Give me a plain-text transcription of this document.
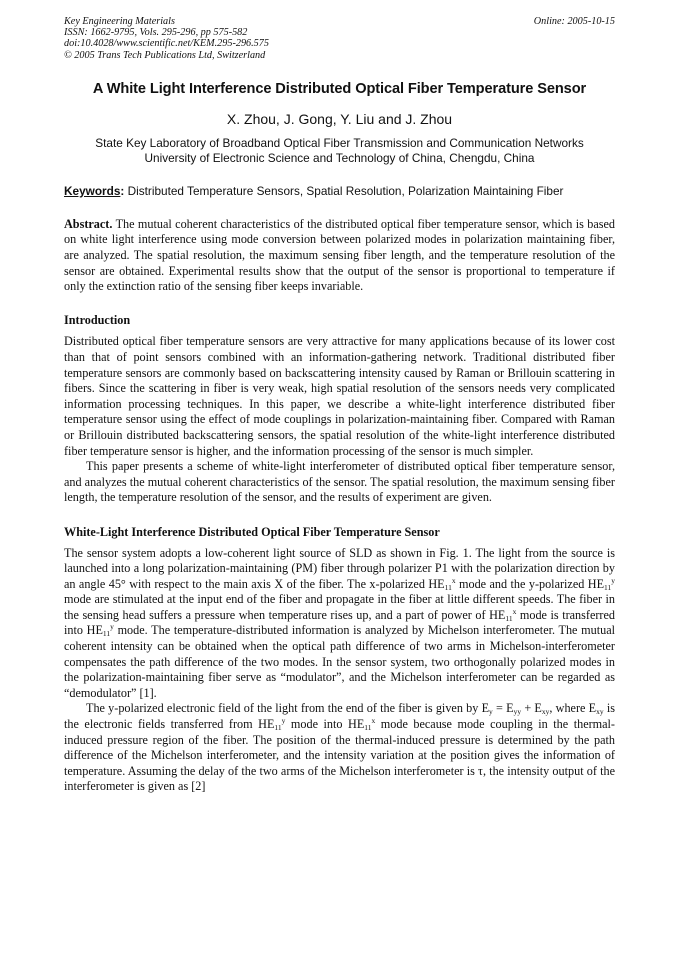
Key Engineering Materials
ISSN: 1662-9795, Vols. 295-296, pp 575-582
doi:10.4028/www.scientific.net/KEM.295-296.575
© 2005 Trans Tech Publications Ltd, Switzerland
Online: 2005-10-15
A White Light Interference Distributed Optical Fiber Temperature Sensor
X. Zhou, J. Gong, Y. Liu and J. Zhou
State Key Laboratory of Broadband Optical Fiber Transmission and Communication Networks
University of Electronic Science and Technology of China, Chengdu, China
Keywords: Distributed Temperature Sensors, Spatial Resolution, Polarization Maintaining Fiber

Abstract. The mutual coherent characteristics of the distributed optical fiber temperature sensor, which is based on white light interference using mode conversion between polarized modes in polarization maintaining fiber, are analyzed. The spatial resolution, the maximum sensing fiber length, and the temperature resolution of the sensor are obtained. Experimental results show that the output of the sensor is proportional to temperature if only the extinction ratio of the sensing fiber keeps invariable.

Introduction

Distributed optical fiber temperature sensors are very attractive for many applications because of its lower cost than that of point sensors combined with an information-gathering network. Traditional distributed fiber temperature sensors are commonly based on backscattering intensity caused by Raman or Brillouin scattering in fibers. Since the scattering in fiber is very weak, high spatial resolution of the sensors needs very complicated information processing techniques. In this paper, we describe a white-light interference distributed fiber temperature sensor using the effect of mode couplings in polarization-maintaining fiber. Compared with Raman or Brillouin distributed backscattering sensors, the spatial resolution of the white-light interference distributed fiber temperature sensor is higher, and the information processing of the sensor is much simpler.

This paper presents a scheme of white-light interferometer of distributed optical fiber temperature sensor, and analyzes the mutual coherent characteristics of the sensor. The spatial resolution, the maximum sensing fiber length, the temperature resolution of the sensor, and the results of experiment are given.

White-Light Interference Distributed Optical Fiber Temperature Sensor

The sensor system adopts a low-coherent light source of SLD as shown in Fig. 1. The light from the source is launched into a long polarization-maintaining (PM) fiber through polarizer P1 with the polarization direction by an angle 45° with respect to the main axis X of the fiber. The x-polarized $HE_{11}^x$ mode and the y-polarized $HE_{11}^y$ mode are stimulated at the input end of the fiber and propagate in the fiber at little different speeds. The fiber in the sensing head suffers a pressure when temperature rises up, and a part of power of $HE_{11}^x$ mode is transferred into $HE_{11}^y$ mode. The temperature-distributed information is analyzed by Michelson interferometer. The mutual coherent intensity can be obtained when the optical path difference of two arms in Michelson-interferometer compensates the path difference of the two modes. In the sensor system, two orthogonally polarized modes in the polarization-maintaining fiber serve as “modulator”, and the Michelson interferometer can be regarded as “demodulator” [1].

The y-polarized electronic field of the light from the end of the fiber is given by $E_y = E_{yy} + E_{xy}$, where $E_{xy}$ is the electronic fields transferred from $HE_{11}^y$ mode into $HE_{11}^x$ mode because mode coupling in the thermal-induced pressure region of the fiber. The position of the thermal-induced pressure is determined by the path difference of the Michelson interferometer, and the intensity variation at the position gives the information of temperature. Assuming the delay of the two arms of the Michelson interferometer is τ, the intensity output of the interferometer is given as [2]
